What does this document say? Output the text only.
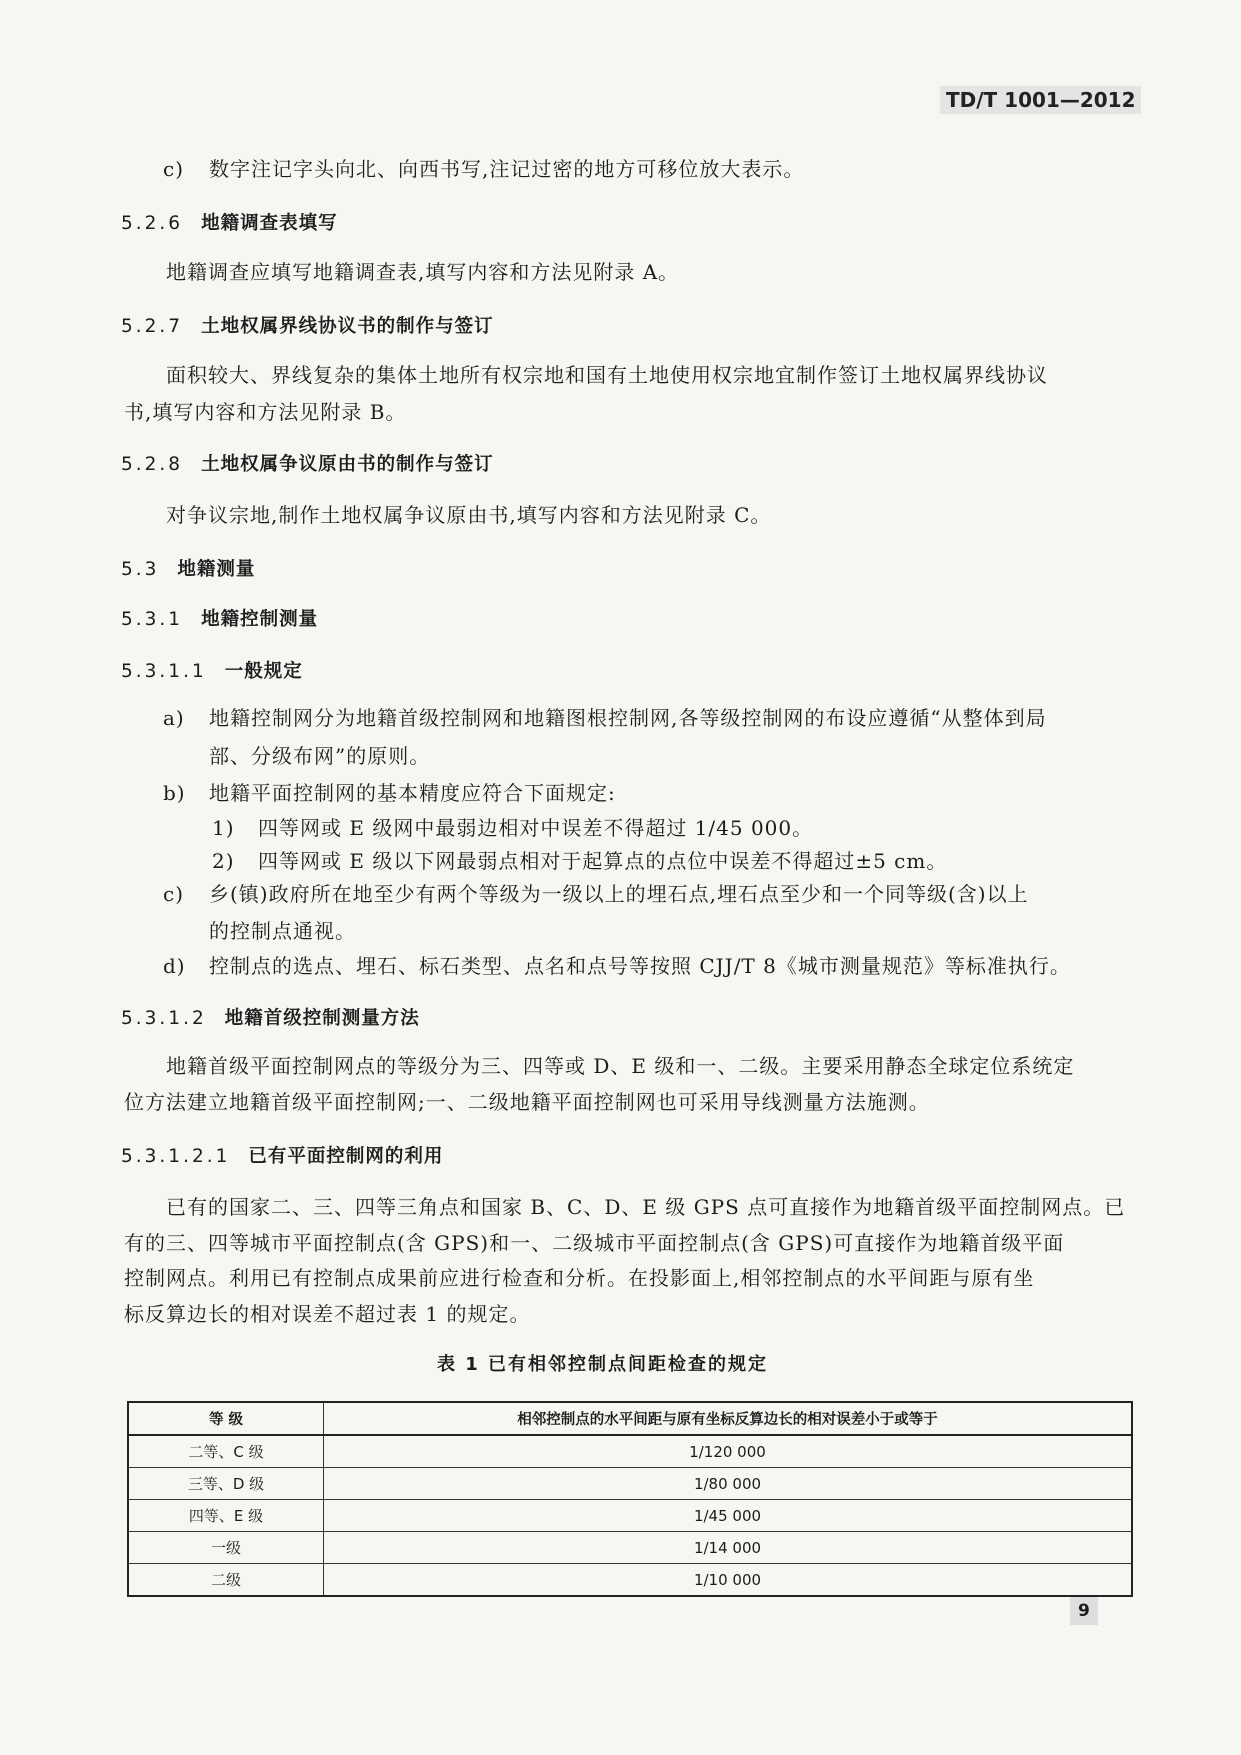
TD/T 1001—2012
c) 数字注记字头向北、向西书写,注记过密的地方可移位放大表示。
5.2.6 地籍调查表填写
地籍调查应填写地籍调查表,填写内容和方法见附录 A。
5.2.7 土地权属界线协议书的制作与签订
面积较大、界线复杂的集体土地所有权宗地和国有土地使用权宗地宜制作签订土地权属界线协议
书,填写内容和方法见附录 B。
5.2.8 土地权属争议原由书的制作与签订
对争议宗地,制作土地权属争议原由书,填写内容和方法见附录 C。
5.3 地籍测量
5.3.1 地籍控制测量
5.3.1.1 一般规定
a) 地籍控制网分为地籍首级控制网和地籍图根控制网,各等级控制网的布设应遵循“从整体到局
部、分级布网”的原则。
b) 地籍平面控制网的基本精度应符合下面规定:
1) 四等网或 E 级网中最弱边相对中误差不得超过 1/45 000。
2) 四等网或 E 级以下网最弱点相对于起算点的点位中误差不得超过±5 cm。
c) 乡(镇)政府所在地至少有两个等级为一级以上的埋石点,埋石点至少和一个同等级(含)以上
的控制点通视。
d) 控制点的选点、埋石、标石类型、点名和点号等按照 CJJ/T 8《城市测量规范》等标准执行。
5.3.1.2 地籍首级控制测量方法
地籍首级平面控制网点的等级分为三、四等或 D、E 级和一、二级。主要采用静态全球定位系统定
位方法建立地籍首级平面控制网;一、二级地籍平面控制网也可采用导线测量方法施测。
5.3.1.2.1 已有平面控制网的利用
已有的国家二、三、四等三角点和国家 B、C、D、E 级 GPS 点可直接作为地籍首级平面控制网点。已
有的三、四等城市平面控制点(含 GPS)和一、二级城市平面控制点(含 GPS)可直接作为地籍首级平面
控制网点。利用已有控制点成果前应进行检查和分析。在投影面上,相邻控制点的水平间距与原有坐
标反算边长的相对误差不超过表 1 的规定。
表 1 已有相邻控制点间距检查的规定
等 级	相邻控制点的水平间距与原有坐标反算边长的相对误差小于或等于
二等、C 级	1/120 000
三等、D 级	1/80 000
四等、E 级	1/45 000
一级	1/14 000
二级	1/10 000
9
